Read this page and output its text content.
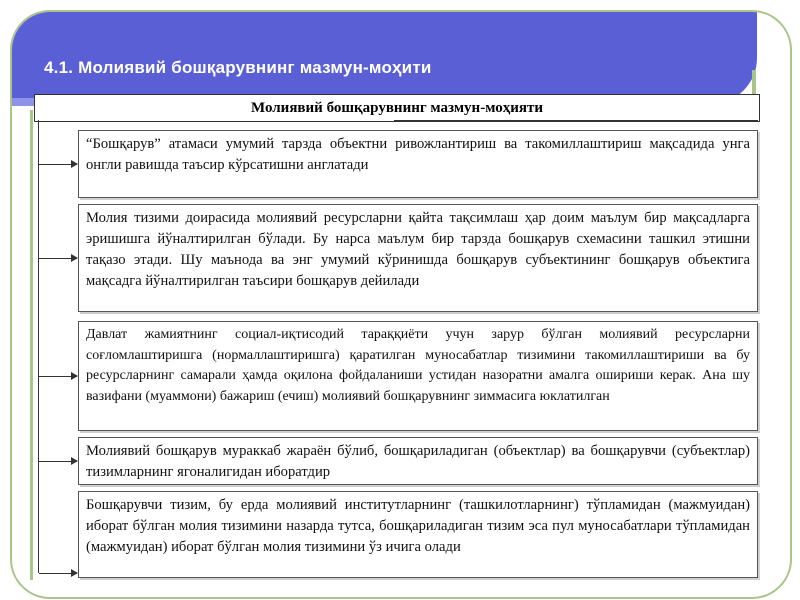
4.1. Молиявий бошқарувнинг мазмун-моҳити
Молиявий бошқарувнинг мазмун-моҳияти
“Бошқарув” атамаси умумий тарзда объектни ривожлантириш ва такомиллаштириш мақсадида унга онгли равишда таъсир кўрсатишни англатади
Молия тизими доирасида молиявий ресурсларни қайта тақсимлаш ҳар доим маълум бир мақсадларга эришишга йўналтирилган бўлади. Бу нарса маълум бир тарзда бошқарув схемасини ташкил этишни тақазо этади. Шу маънода ва энг умумий кўринишда бошқарув субъектининг бошқарув объектига мақсадга йўналтирилган таъсири бошқарув дейилади
Давлат жамиятнинг социал-иқтисодий тараққиёти учун зарур бўлган молиявий ресурсларни соғломлаштиришга (нормаллаштиришга) қаратилган муносабатлар тизимини такомиллаштириши ва бу ресурсларнинг самарали ҳамда оқилона фойдаланиши устидан назоратни амалга ошириши керак. Ана шу вазифани (муаммони) бажариш (ечиш) молиявий бошқарувнинг зиммасига юклатилган
Молиявий бошқарув мураккаб жараён бўлиб, бошқариладиган (объектлар) ва бошқарувчи (субъектлар) тизимларнинг ягоналигидан иборатдир
Бошқарувчи тизим, бу ерда молиявий институтларнинг (ташкилотларнинг) тўпламидан (мажмуидан) иборат бўлган молия тизимини назарда тутса, бошқариладиган тизим эса пул муносабатлари тўпламидан (мажмуидан) иборат бўлган молия тизимини ўз ичига олади
